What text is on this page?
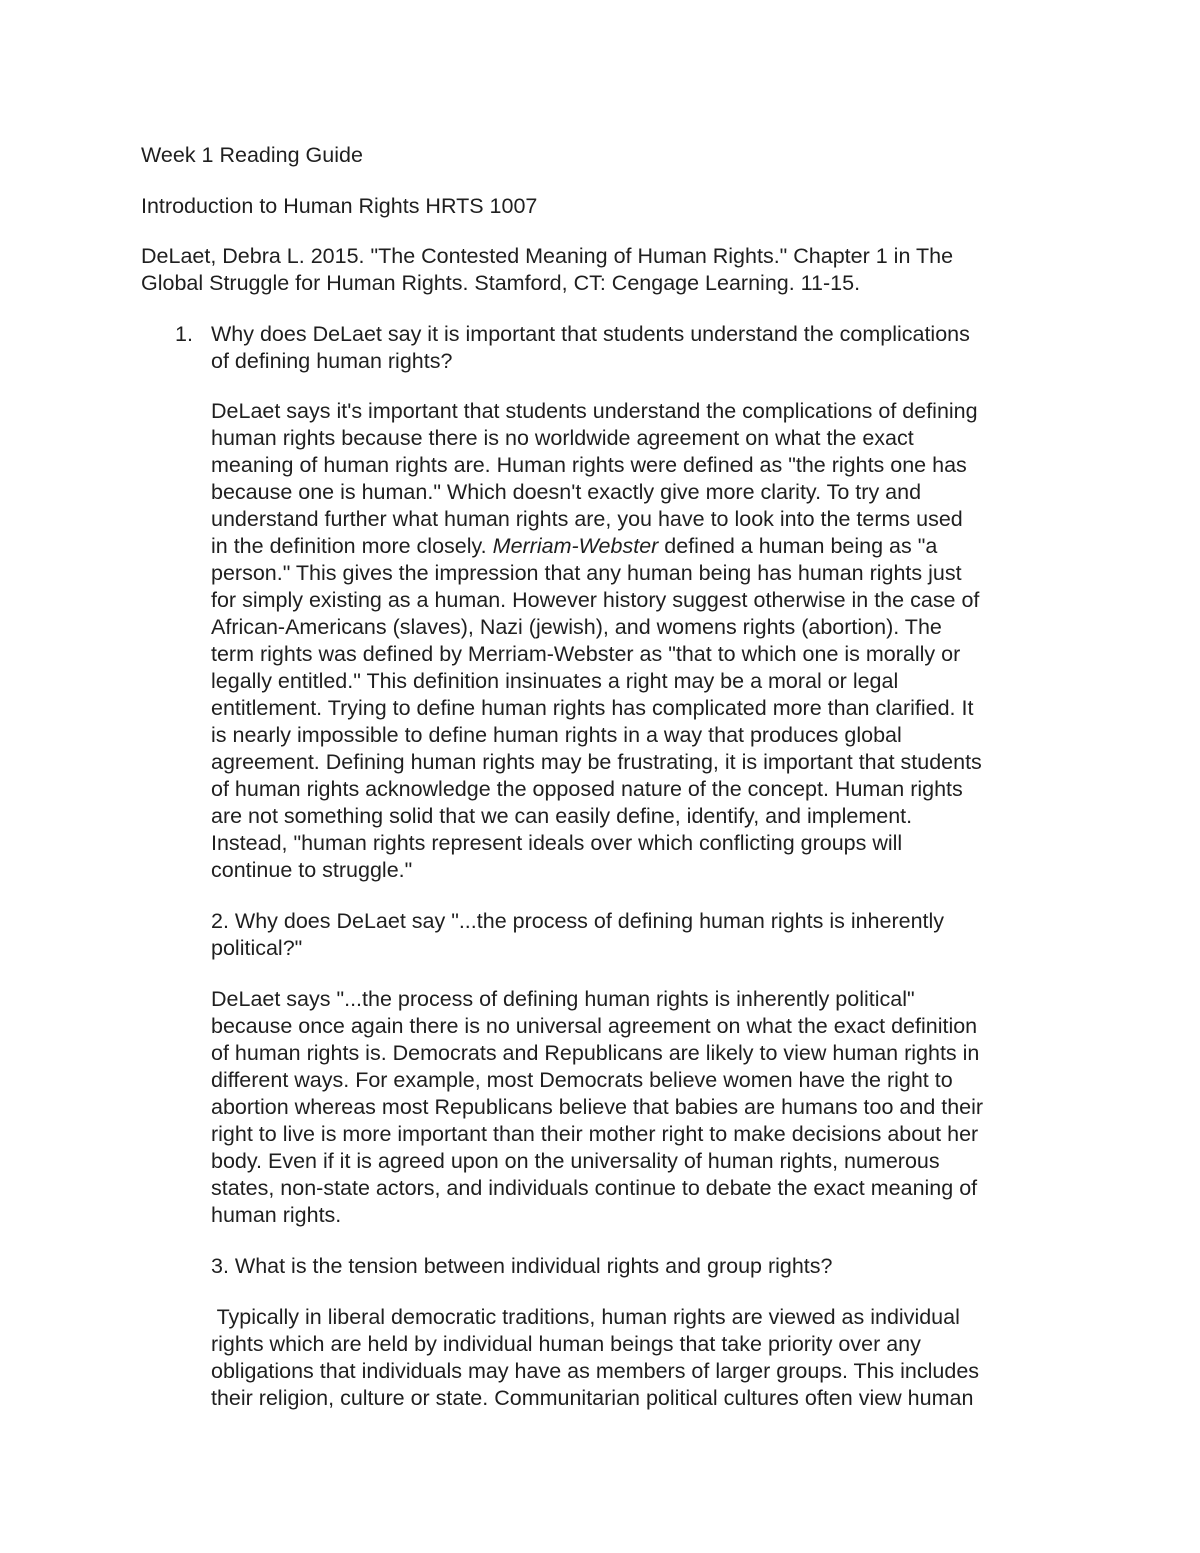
Week 1 Reading Guide
Introduction to Human Rights HRTS 1007
DeLaet, Debra L. 2015. "The Contested Meaning of Human Rights." Chapter 1 in The
Global Struggle for Human Rights. Stamford, CT: Cengage Learning. 11-15.
1. Why does DeLaet say it is important that students understand the complications
of defining human rights?
DeLaet says it's important that students understand the complications of defining
human rights because there is no worldwide agreement on what the exact
meaning of human rights are. Human rights were defined as "the rights one has
because one is human." Which doesn't exactly give more clarity. To try and
understand further what human rights are, you have to look into the terms used
in the definition more closely. Merriam-Webster defined a human being as "a
person." This gives the impression that any human being has human rights just
for simply existing as a human. However history suggest otherwise in the case of
African-Americans (slaves), Nazi (jewish), and womens rights (abortion). The
term rights was defined by Merriam-Webster as "that to which one is morally or
legally entitled." This definition insinuates a right may be a moral or legal
entitlement. Trying to define human rights has complicated more than clarified. It
is nearly impossible to define human rights in a way that produces global
agreement. Defining human rights may be frustrating, it is important that students
of human rights acknowledge the opposed nature of the concept. Human rights
are not something solid that we can easily define, identify, and implement.
Instead, "human rights represent ideals over which conflicting groups will
continue to struggle."
2. Why does DeLaet say "...the process of defining human rights is inherently
political?"
DeLaet says "...the process of defining human rights is inherently political"
because once again there is no universal agreement on what the exact definition
of human rights is. Democrats and Republicans are likely to view human rights in
different ways. For example, most Democrats believe women have the right to
abortion whereas most Republicans believe that babies are humans too and their
right to live is more important than their mother right to make decisions about her
body. Even if it is agreed upon on the universality of human rights, numerous
states, non-state actors, and individuals continue to debate the exact meaning of
human rights.
3. What is the tension between individual rights and group rights?
Typically in liberal democratic traditions, human rights are viewed as individual
rights which are held by individual human beings that take priority over any
obligations that individuals may have as members of larger groups. This includes
their religion, culture or state. Communitarian political cultures often view human
